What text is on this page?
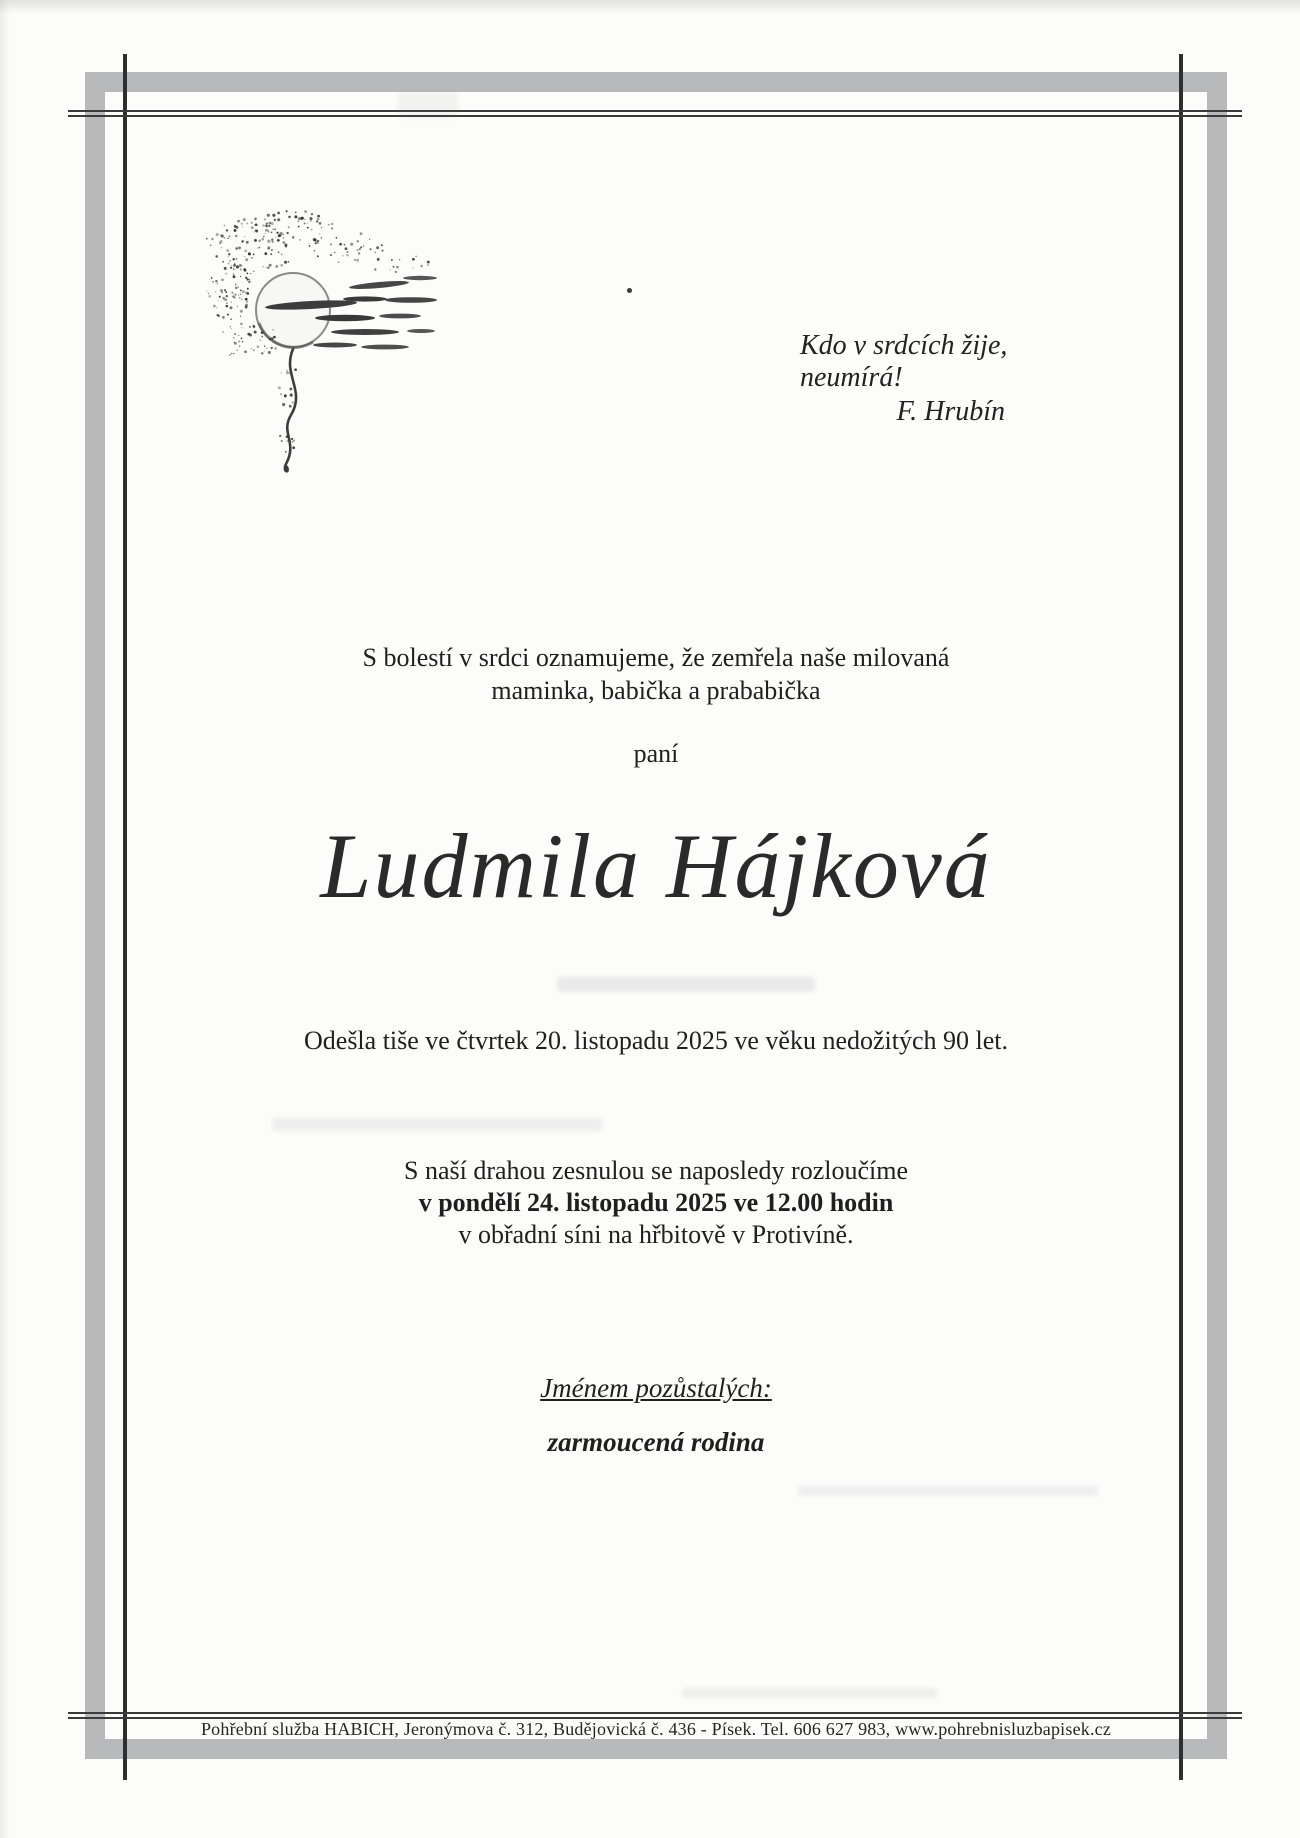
Kdo v srdcích žije,
neumírá!
F. Hrubín
S bolestí v srdci oznamujeme, že zemřela naše milovaná
maminka, babička a prababička
paní
Ludmila Hájková
Odešla tiše ve čtvrtek 20. listopadu 2025 ve věku nedožitých 90 let.
S naší drahou zesnulou se naposledy rozloučíme
v pondělí 24. listopadu 2025 ve 12.00 hodin
v obřadní síni na hřbitově v Protivíně.
Jménem pozůstalých:
zarmoucená rodina
Pohřební služba HABICH, Jeronýmova č. 312, Budějovická č. 436 - Písek. Tel. 606 627 983, www.pohrebnisluzbapisek.cz
